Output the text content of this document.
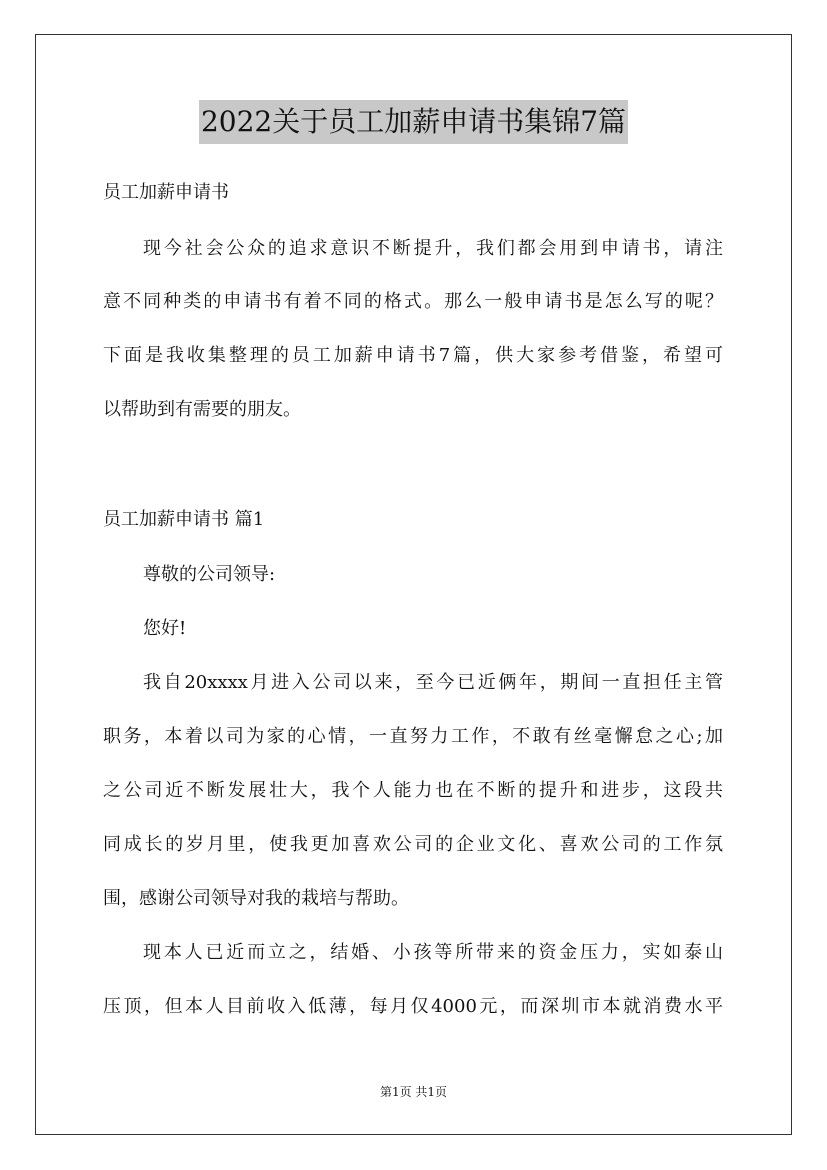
2022关于员工加薪申请书集锦7篇
员工加薪申请书
现今社会公众的追求意识不断提升，我们都会用到申请书，请注
意不同种类的申请书有着不同的格式。那么一般申请书是怎么写的呢？
下面是我收集整理的员工加薪申请书7篇，供大家参考借鉴，希望可
以帮助到有需要的朋友。
员工加薪申请书 篇1
尊敬的公司领导:
您好!
我自20xxxx月进入公司以来，至今已近俩年，期间一直担任主管
职务，本着以司为家的心情，一直努力工作，不敢有丝毫懈怠之心;加
之公司近不断发展壮大，我个人能力也在不断的提升和进步，这段共
同成长的岁月里，使我更加喜欢公司的企业文化、喜欢公司的工作氛
围，感谢公司领导对我的栽培与帮助。
现本人已近而立之，结婚、小孩等所带来的资金压力，实如泰山
压顶，但本人目前收入低薄，每月仅4000元，而深圳市本就消费水平
第1页 共1页
